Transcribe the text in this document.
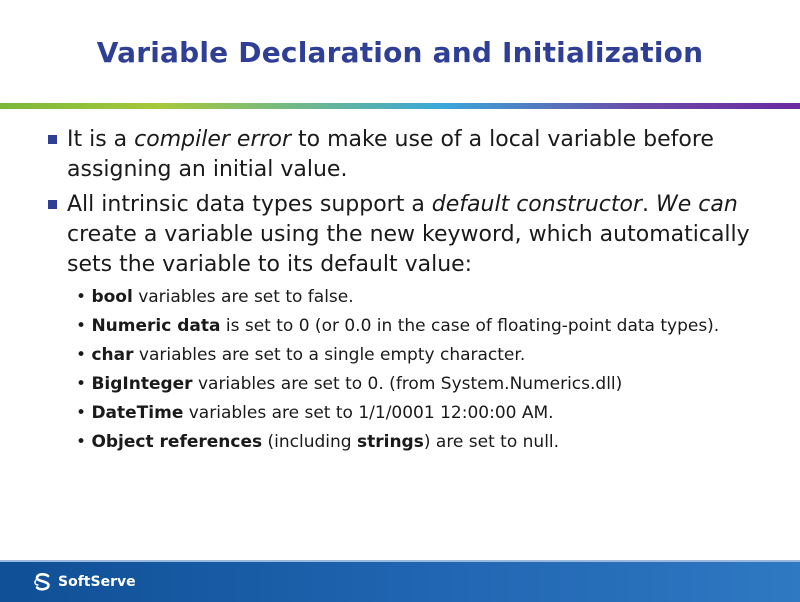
Variable Declaration and Initialization
It is a compiler error to make use of a local variable before assigning an initial value.
All intrinsic data types support a default constructor. We can create a variable using the new keyword, which automatically sets the variable to its default value:
• bool variables are set to false.
• Numeric data is set to 0 (or 0.0 in the case of floating-point data types).
• char variables are set to a single empty character.
• BigInteger variables are set to 0. (from System.Numerics.dll)
• DateTime variables are set to 1/1/0001 12:00:00 AM.
• Object references (including strings) are set to null.
SoftServe
